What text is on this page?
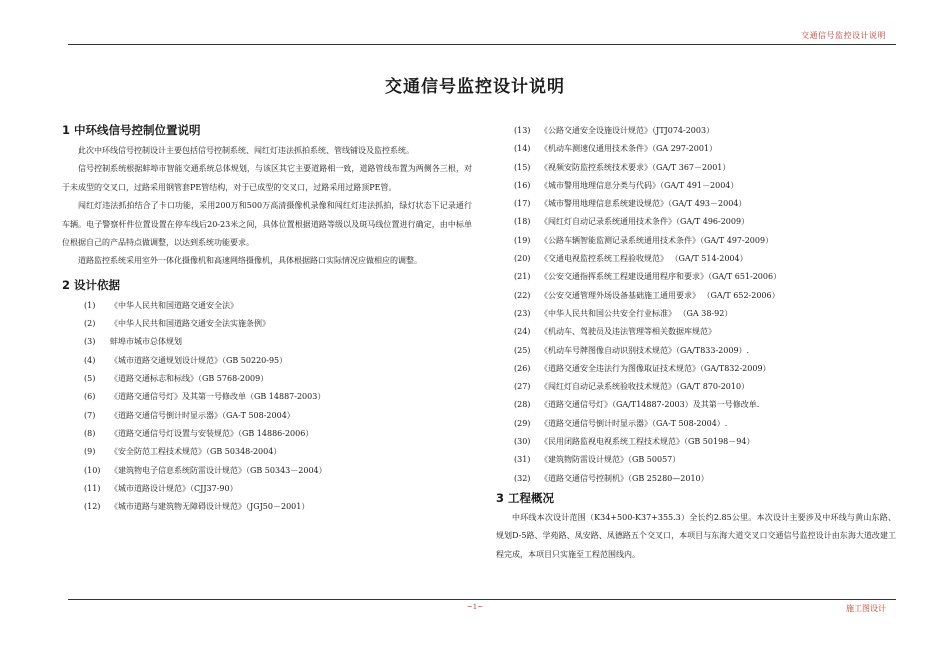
交通信号监控设计说明
交通信号监控设计说明
1 中环线信号控制位置说明

此次中环线信号控制设计主要包括信号控制系统、闯红灯违法抓拍系统、管线铺设及监控系统。

信号控制系统根据蚌埠市智能交通系统总体规划，与该区其它主要道路相一致，道路管线布置为两侧各三根，对于未成型的交叉口，过路采用钢管套PE管结构，对于已成型的交叉口，过路采用过路顶PE管。

闯红灯违法抓拍结合了卡口功能，采用200万和500万高清摄像机录像和闯红灯违法抓拍，绿灯状态下记录通行车辆。电子警察杆件位置设置在停车线后20-23米之间，具体位置根据道路等级以及斑马线位置进行确定，由中标单位根据自己的产品特点做调整，以达到系统功能要求。

道路监控系统采用室外一体化摄像机和高速网络摄像机，具体根据路口实际情况应做相应的调整。

2 设计依据
(1)	《中华人民共和国道路交通安全法》
(2)	《中华人民共和国道路交通安全法实施条例》
(3)	蚌埠市城市总体规划
(4)	《城市道路交通规划设计规范》（GB 50220-95）
(5)	《道路交通标志和标线》（GB 5768-2009）
(6)	《道路交通信号灯》及其第一号修改单（GB 14887-2003）
(7)	《道路交通信号倒计时显示器》（GA-T 508-2004）
(8)	《道路交通信号灯设置与安装规范》（GB 14886-2006）
(9)	《安全防范工程技术规范》（GB 50348-2004）
(10)	《建筑物电子信息系统防雷设计规范》（GB 50343－2004）
(11)	《城市道路设计规范》（CJJ37-90）
(12)	《城市道路与建筑物无障碍设计规范》（JGJ50－2001）
(13)	《公路交通安全设施设计规范》（JTJ074-2003）
(14)	《机动车测速仪通用技术条件》（GA 297-2001）
(15)	《视频安防监控系统技术要求》（GA/T 367－2001）
(16)	《城市警用地理信息分类与代码》（GA/T 491－2004）
(17)	《城市警用地理信息系统建设规范》（GA/T 493－2004）
(18)	《闯红灯自动记录系统通用技术条件》（GA/T 496-2009）
(19)	《公路车辆智能监测记录系统通用技术条件》（GA/T 497-2009）
(20)	《交通电视监控系统工程验收规范》 （GA/T 514-2004）
(21)	《公安交通指挥系统工程建设通用程序和要求》（GA/T 651-2006）
(22)	《公安交通管理外场设备基础施工通用要求》 （GA/T 652-2006）
(23)	《中华人民共和国公共安全行业标准》 （GA 38-92）
(24)	《机动车、驾驶员及违法管理等相关数据库规范》
(25)	《机动车号牌图像自动识别技术规范》（GA/T833-2009）.
(26)	《道路交通安全违法行为图像取证技术规范》（GA/T832-2009）
(27)	《闯红灯自动记录系统验收技术规范》（GA/T 870-2010）
(28)	《道路交通信号灯》（GA/T14887-2003）及其第一号修改单.
(29)	《道路交通信号倒计时显示器》（GA-T 508-2004）.
(30)	《民用闭路监视电视系统工程技术规范》（GB 50198－94）
(31)	《建筑物防雷设计规范》（GB 50057）
(32)	《道路交通信号控制机》（GB 25280—2010）
3 工程概况

中环线本次设计范围（K34+500-K37+355.3）全长约2.85公里。本次设计主要涉及中环线与黄山东路、规划D-5路、学苑路、凤安路、凤德路五个交叉口，本项目与东海大道交叉口交通信号监控设计由东海大道改建工程完成，本项目只实施至工程范围线内。

~1~	施工图设计
